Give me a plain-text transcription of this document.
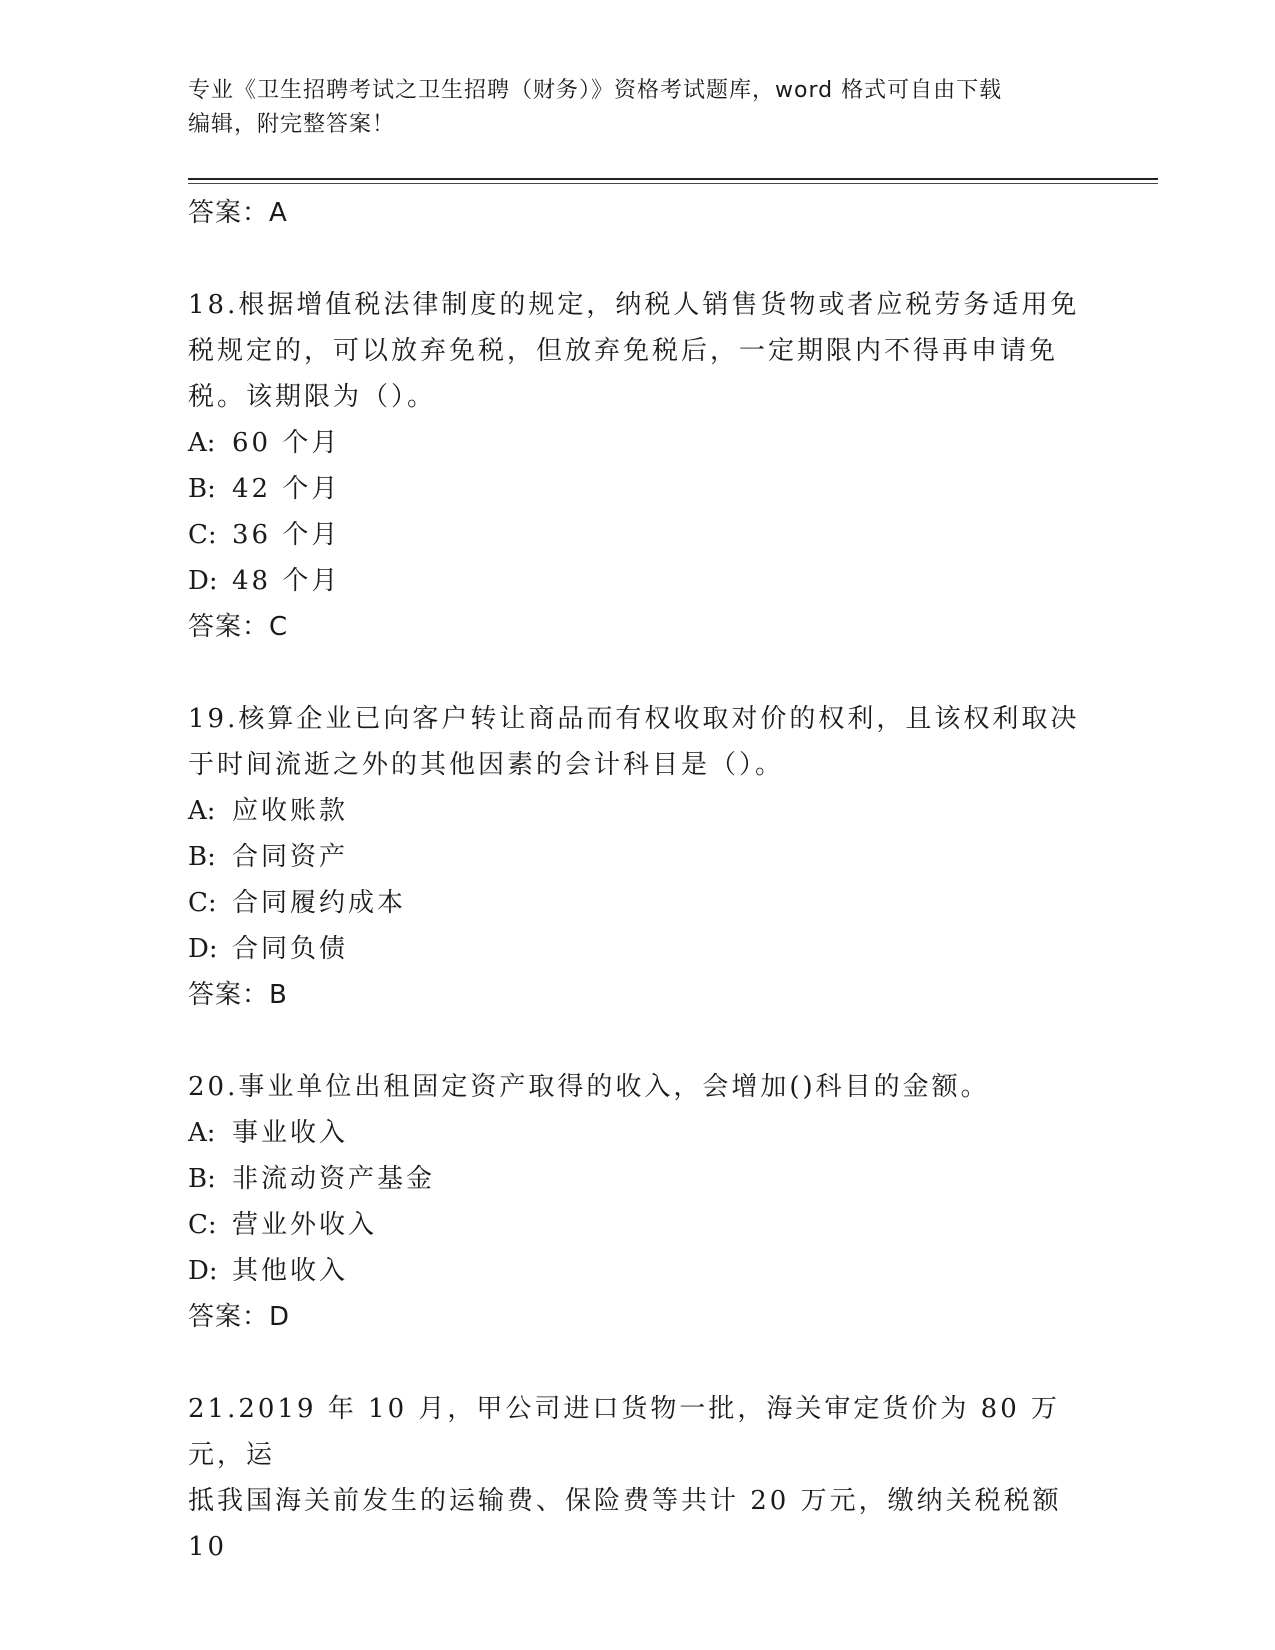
专业《卫生招聘考试之卫生招聘（财务）》资格考试题库，word 格式可自由下载
编辑，附完整答案！
答案：A
18.根据增值税法律制度的规定，纳税人销售货物或者应税劳务适用免
税规定的，可以放弃免税，但放弃免税后，一定期限内不得再申请免
税。该期限为（）。
A: 60 个月
B: 42 个月
C: 36 个月
D: 48 个月
答案：C
19.核算企业已向客户转让商品而有权收取对价的权利，且该权利取决
于时间流逝之外的其他因素的会计科目是（）。
A: 应收账款
B: 合同资产
C: 合同履约成本
D: 合同负债
答案：B
20.事业单位出租固定资产取得的收入，会增加()科目的金额。
A: 事业收入
B: 非流动资产基金
C: 营业外收入
D: 其他收入
答案：D
21.2019 年 10 月，甲公司进口货物一批，海关审定货价为 80 万元，运
抵我国海关前发生的运输费、保险费等共计 20 万元，缴纳关税税额 10
